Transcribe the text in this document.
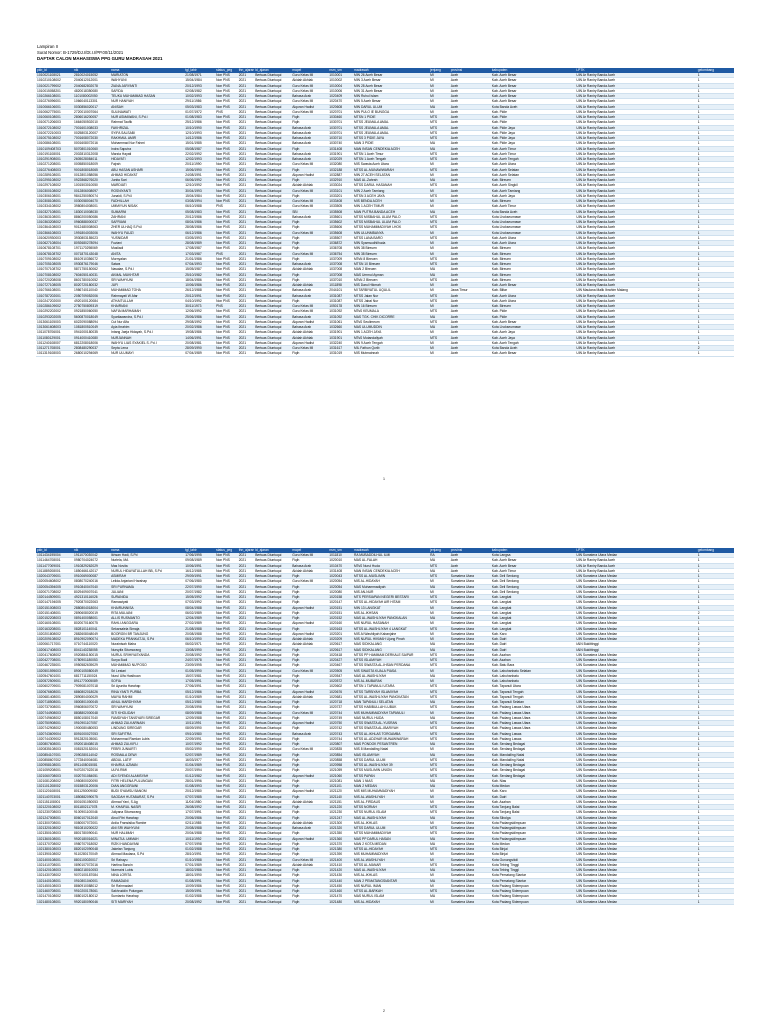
Lampiran II
Surat Nomor: B-1729/DJ.I/Dt.I.I/PP.00/11/2021
DAFTAR CALON MAHASISWA PPG GURU MADRASAH 2021
pkb_id	nik	nama	tgl_lahir	status_peg	thn_ajaran	id_ajaran	mapel	nsm_sm	madrasah	jenjang	provinsi	kabupaten	LPTK	gelombang
1010021108021	2810024015052	MARIATON	21/08/1971	Non PNS	2021	Bertuas Diuntuqui	Guru Kelas MI	1010001	MIN 26 Aceh Besar	MI	Aceh	Kab. Aceh Besar	UIN Ar Raniry Banda Aceh	1
1010210108002	2040612012001	WAHYUNI	15/04/1984	Non PNS	2021	Bertuas Diuntuqui	Akidah Akhlak	1010002	MIN 3 Aceh Besar	MI	Aceh	Kab. Aceh Besar	UIN Ar Raniry Banda Aceh	1
1010021799002	2040682802078	ZIANA JARYANTI	20/12/1993	Non PNS	2021	Bertuas Diuntuqui	Guru Kelas MI	1010004	MIN 28 Aceh Besar	MI	Aceh	Kab. Aceh Besar	UIN Ar Raniry Banda Aceh	1
1010015058201	4820018350080	SAFIDA	02/08/1982	Non PNS	2021	Bertuas Diuntuqui	Guru Kelas MI	1010006	MIN 31 Aceh Besar	MI	Aceh	Kab. Aceh Besar	UIN Ar Raniry Banda Aceh	1
1010266108001	1101080002050	TEUKU MUHAMMAD HASAN	10/02/1993	Non PNS	2021	Bertuas Diuntuqui	Bahasa Arab	1020409	MIN Ruhul Islam	MI	Aceh	Kab. Aceh Besar	UIN Ar Raniry Banda Aceh	1
1010276096001	1066040113301	NUR HANIYAH	29/11/1986	Non PNS	2021	Bertuas Diuntuqui	Guru Kelas MI	1020470	MIN 5 Aceh Besar	MI	Aceh	Kab. Aceh Besar	UIN Ar Raniry Banda Aceh	1
1010066106001	0030856020017	ANISAH	05/03/1983	Non PNS	2021	Bertuas Diuntuqui	Alquran Hadist	1020608	MIN DARUL ULUM	MA	Aceh	Kota Banda Aceh	UIN Ar Raniry Banda Aceh	1
1010062775001	2720010007064	SULINAWATI	01/07/1972	PNS	2021	Bertuas Diuntuqui	Guru Kelas MI	1020701	MIN PULO IE BUNGGA	MI	Aceh	Kab. Pidie	UIN Ar Raniry Banda Aceh	1
1010060108001	2806016200057	NUR ASMAWANI, S.Pd.I	01/08/1983	Non PNS	2021	Bertuas Diuntuqui	Fiqih	1030460	MTSN 1 PIDIE	MTS	Aceh	Kab. Pidie	UIN Ar Raniry Banda Aceh	1
1010071206003	1664050502010	Rahmat Taufik	25/12/1986	Non PNS	2021	Bertuas Diuntuqui	Fiqih	1030701	MTSS JEUMALA AMAL	MTS	Aceh	Kab. Pidie	UIN Ar Raniry Banda Aceh	1
1010072108002	7001601008033	FAKHRIZAL	10/10/1990	Non PNS	2021	Bertuas Diuntuqui	Bahasa Arab	1030701	MTSS JEUMALA AMAL	MTS	Aceh	Kab. Pidie Jaya	UIN Ar Raniry Banda Aceh	1
1010072210003	0025803120007	SYIFA SALSABI	12/10/1993	Non PNS	2021	Bertuas Diuntuqui	Bahasa Arab	1030701	MTSS JEUMALA AMAL	MTS	Aceh	Kab. Pidie Jaya	UIN Ar Raniry Banda Aceh	1
1010075108002	7001608072030	RAKHMUL AMIR	14/12/1986	Non PNS	2021	Bertuas Diuntuqui	Bahasa Arab	1030710	MTSS 3 PIDIE JAYA	MTS	Aceh	Kab. Pidie Jaya	UIN Ar Raniry Banda Aceh	1
1010086108001	0001608072016	Muhammad Nur Fahmi	15/01/1985	Non PNS	2021	Bertuas Diuntuqui	Bahasa Arab	1030740	MAN 3 PIDIE	MA	Aceh	Kab. Pidie Jaya	UIN Ar Raniry Banda Aceh	1
1010109408703	5070801010060	Indra Saputra	05/08/1987	Non PNS	2021	Bertuas Diuntuqui	Fiqih	1031408	MAN INSAN CENDEKIA ACEH	MA	Aceh	Kab. Aceh Timur	UIN Ar Raniry Banda Aceh	1
1010191108001	2002810312008	Marzia Hayati	22/02/1992	Non PNS	2021	Bertuas Diuntuqui	Bahasa Arab	1031901	MTSN 1 Aceh Timur	MTS	Aceh	Kab. Aceh Timur	UIN Ar Raniry Banda Aceh	1
1010291908001	2605028084011	HIDAYATI	12/02/1993	Non PNS	2021	Bertuas Diuntuqui	Bahasa Arab	1032029	MTSN 1 Aceh Tengah	MTS	Aceh	Kab. Aceh Tengah	UIN Ar Raniry Banda Aceh	1
1010271208001	0005850018009	Fajrah	20/11/1990	Non PNS	2021	Bertuas Diuntuqui	Guru Kelas MI	1032080	MIS Swasta Aceh Utara	MI	Aceh	Kab. Aceh Utara	UIN Ar Raniry Banda Aceh	1
1010276408003	9001808018065	ABU HASAN ASHARI	15/06/1990	Non PNS	2021	Bertuas Diuntuqui	Fiqih	1032188	MTSS AL-MUNAWWARAH	MTS	Aceh	Kab. Aceh Selatan	UIN Ar Raniry Banda Aceh	1
1010289108001	0012801058056	AHMAD HIDAYAT	24/08/1991	Non PNS	2021	Bertuas Diuntuqui	Alquran Hadist	1032887	MIN 27 ACEH SELATAN	MI	Aceh	Kab. Aceh Selatan	UIN Ar Raniry Banda Aceh	1
1010295108002	0922868276020	Junita Sari	06/06/1992	Non PNS	2021	Bertuas Diuntuqui	Fiqih	1032910	MAS AL-Zahrah	MA	Aceh	Kab. Bireuen	UIN Ar Raniry Banda Aceh	1
1010297108002	1001503010050	MARDIATI	12/10/1992	Non PNS	2021	Bertuas Diuntuqui	Akidah Akhlak	1033024	MTSS DARUL HASANAH	MTS	Aceh	Kab. Aceh Singkil	UIN Ar Raniry Banda Aceh	1
1010300108002	0012806008097	ROSNIYANTI	30/04/1993	Non PNS	2021	Bertuas Diuntuqui	Guru Kelas MI	1033101	MIN 2 Aceh Tamiang	MI	Aceh	Kab. Aceh Tamiang	UIN Ar Raniry Banda Aceh	1
1010306108001	9841250050074	Junaidi, S.Pd.I	15/04/1984	Non PNS	2021	Bertuas Diuntuqui	Fiqih	1033201	MTSN 3 ACEH JAYA	MTS	Aceh	Kab. Aceh Jaya	UIN Ar Raniry Banda Aceh	1
1010308108001	0030058004070	FADHILLAH	03/08/1994	Non PNS	2021	Bertuas Diuntuqui	Guru Kelas MI	1033408	MIS BENDA ACEH	MI	Aceh	Kab. Bireuen	UIN Ar Raniry Banda Aceh	1
1010334108002	3980804008001	UMMIYUN NISAK	06/10/1988	PNS	2021	Bertuas Diuntuqui	Guru Kelas MI	1033505	MIN 1 ACEH TIMUR	MI	Aceh	Kab. Aceh Timur	UIN Ar Raniry Banda Aceh	1
1010327108001	1830010008030	SUMARNI	05/08/1983	Non PNS	2021	Bertuas Diuntuqui	SBI	1035508	MAN PUTRA BANDA ACEH	MA	Aceh	Kota Banda Aceh	UIN Ar Raniry Banda Aceh	1
1010363108001	8860200050086	ZAHRANI	20/12/1986	Non PNS	2021	Bertuas Diuntuqui	Bahasa Arab	1035601	MTSS MISBAHUL ULUM PALO	MTS	Aceh	Kota Lhokseumawe	UIN Ar Raniry Banda Aceh	1
1010363208002	0960888000037	SAFRIANI	08/04/1986	Non PNS	2021	Bertuas Diuntuqui	Fiqih	1035602	MTSS MISBAHUL ULUM PALO	MTS	Aceh	Kota Lhokseumawe	UIN Ar Raniry Banda Aceh	1
1010364108003	9012480008063	ZHER ULHAQ S.Pd.I	28/08/1986	Non PNS	2021	Bertuas Diuntuqui	Fiqih	1035606	MTSS MUHAMMADIYAH LHOK	MTS	Aceh	Kota Lhokseumawe	UIN Ar Raniry Banda Aceh	1
1010366108003	1991804003006	WAHYU FAUZI	06/12/1986	Non PNS	2021	Bertuas Diuntuqui	Guru Kelas MI	1035608	MIN ULUNMBANYA	MI	Aceh	Kota Lhokseumawe	UIN Ar Raniry Banda Aceh	1
1010620930003	3930803155023	YUSNIDAR	03/05/1993	Non PNS	2021	Bertuas Diuntuqui	Fiqih	1035507	MTSS LANA BARO	MTS	Aceh	Kab. Aceh Utara	UIN Ar Raniry Banda Aceh	1
1010627108004	8092680278094	Fuziani	28/08/1989	Non PNS	2021	Bertuas Diuntuqui	Fiqih	1036872	MIN Syamsudhilhuda	MI	Aceh	Kab. Aceh Utara	UIN Ar Raniry Banda Aceh	1
1010678108701	1971170298069	Musliadi	17/08/1987	Non PNS	2021	Bertuas Diuntuqui	Fiqih	1036708	MIN 38 Bireuen	MI	Aceh	Kab. Bireuen	UIN Ar Raniry Banda Aceh	1
1010678108702	0071870143048	ANITA	17/03/1987	PNS	2021	Bertuas Diuntuqui	Guru Kelas MI	1036754	MIN 38 Bireuen	MI	Aceh	Kab. Bireuen	UIN Ar Raniry Banda Aceh	1
1010709108002	8610910356072	Murnyalan	21/01/1986	Non PNS	2021	Bertuas Diuntuqui	Fiqih	1037009	MTsN 8 Bireuen	MTS	Aceh	Kab. Bireuen	UIN Ar Raniry Banda Aceh	1
1010705108005	0930876179046	Satwa	07/04/1993	Non PNS	2021	Bertuas Diuntuqui	Bahasa Arab	1037008	MTSN 10 Bireuen	MTS	Aceh	Kab. Bireuen	UIN Ar Raniry Banda Aceh	1
1010707108702	5871750150062	Nasaiae, S.Pd.I	15/05/1987	Non PNS	2021	Bertuas Diuntuqui	Akidah Akhlak	1037008	MAN 2 Bireuen	MA	Aceh	Kab. Bireuen	UIN Ar Raniry Banda Aceh	1
1010708108002	7604050140031	AKMAL MUKHTAR	25/10/1982	Non PNS	2021	Bertuas Diuntuqui	Fiqih	1037008	MAS Ummul Ayman	MA	Aceh	Kab. Bireuen	UIN Ar Raniry Banda Aceh	1
1010720208008	8601780010052	SRI WAHYUNI	18/04/1986	Non PNS	2021	Bertuas Diuntuqui	Fiqih	1037010	MTsN 2 Bireuen	MTS	Aceh	Kab. Bireuen	UIN Ar Raniry Banda Aceh	1
1010727108005	8020720180032	JUFI	10/06/1986	Non PNS	2021	Bertuas Diuntuqui	Akidah Akhlak	1011898	MIS Darul Hikmah	MI	Aceh	Kab. Aceh Besar	UIN Ar Raniry Banda Aceh	1
1010766108001	1986740110040	MUHAMMAD TOHA	26/12/1988	Non PNS	2021	Bertuas Diuntuqui	Bahasa Arab	2044101	MI TARBIYATUL UQULIL	MI	Jawa Timur	Kab. Blitar	UIN Maulana Malik Ibrahim Malang	2
1010787202001	2050709052006	Rahmayati W Afar	20/12/1991	Non PNS	2021	Bertuas Diuntuqui	Bahasa Arab	1031087	MTSS Jalan Nur	MTS	Aceh	Kab. Aceh Utara	UIN Ar Raniry Banda Aceh	1
1010247202000	4920100120084	ATHAITULLAH	04/10/1992	Non PNS	2021	Bertuas Diuntuqui	Fiqih	1031087	MTSS Jabal Nur	MTS	Aceh	Kab. Aceh Utara	UIN Ar Raniry Banda Aceh	1
1010286109002	2750750809319	KHAIRIANI	30/11/1973	PNS	2021	Bertuas Diuntuqui	Guru Kelas MI	1050178	MIN 16 Bireuen	MI	Aceh	Kab. Bireuen	UIN Ar Raniry Banda Aceh	1
1010292202002	0921850060050	NAFIA MARHAMAH	12/06/1992	Non PNS	2021	Bertuas Diuntuqui	Guru Kelas MI	1031092	MTsS KEUMALA	MTS	Aceh	Kab. Pidie	UIN Ar Raniry Banda Aceh	1
1010293202005	5600870018049	Syarilawandra, S.Pd.I	25/06/1986	Non PNS	2021	Bertuas Diuntuqui	Bahasa Arab	1031092	MAS TGK. CHIK DICORRE	MA	Aceh	Kab. Pidie	UIN Ar Raniry Banda Aceh	1
1013061105003	6022090088094	Cut Nur Alfa	29/08/1992	Non PNS	2021	Bertuas Diuntuqui	Alquran Hadist	1031061	MTsS Seulimeum	MTS	Aceh	Kab. Aceh Besar	UIN Ar Raniry Banda Aceh	1
1013061608003	1081800510049	Ayia Ibrahim	20/02/1986	Non PNS	2021	Bertuas Diuntuqui	Bahasa Arab	1032660	MAS ULUMUDDIN	MA	Aceh	Kota Lhokseumawe	UIN Ar Raniry Banda Aceh	1
1011078706001	0941000180035	Intang Jaeja Hidayah, S.Pd.I	19/08/1986	Non PNS	2021	Bertuas Diuntuqui	Akidah Akhlak	1031901	MIN 1 ACEH JAYA	MI	Aceh	Kab. Aceh Jaya	UIN Ar Raniry Banda Aceh	1
1011080129001	0914000410080	NURJANNAH	14/06/1991	Non PNS	2021	Bertuas Diuntuqui	Akidah Akhlak	1031901	MTsS Mutandaliyah	MTS	Aceh	Kab. Aceh Jaya	UIN Ar Raniry Banda Aceh	1
1011240108007	6812208018006	WAHYU LIAS SYAKIEL S. Pd. I	20/08/1981	Non PNS	2021	Bertuas Diuntuqui	Alquran Hadist	1032240	MIN 9 Aceh Tengah	MI	Aceh	Kab. Aceh Tengah	UIN Ar Raniry Banda Aceh	1
1011271708001	2808480290037	Septa Lena	28/09/1990	Non PNS	2021	Bertuas Diuntuqui	Guru Kelas MI	1031617	MIL Fathun Qorib	MI	Aceh	Kota Banda Aceh	UIN Ar Raniry Banda Aceh	2
1011319108003	2680010294069	NUR ULUMAYI	07/04/1989	Non PNS	2021	Bertuas Diuntuqui	Fiqih	1031019	MIS Mutmainnah	MI	Aceh	Kab. Aceh Besar	UIN Ar Raniry Banda Aceh	1
1
pkb_id	nik	nama	tgl_lahir	status_peg	thn_ajaran	id_ajaran	mapel	nsm_sm	madrasah	jenjang	provinsi	kabupaten	LPTK	gelombang
1011434195004	1911070030042	Ikhsan Hadi, S.Pd	17/06/1995	Non PNS	2021	Bertuas Diuntuqui	Guru Kelas MI	1011810	RA MUBADDILHUL ILMI	RA	Aceh	Kota Langsa	UIN Sumatera Utara Medan	1
1011464708001	0980704024072	Nurlela, MA	09/08/1989	Non PNS	2021	Bertuas Diuntuqui	Fiqih	1020010	MAS AL-FALAH	MA	Aceh	Kab. Aceh Besar	UIN Ar Raniry Banda Aceh	1
1011477009001	1910829262029	Mas Novita	10/06/1991	Non PNS	2021	Bertuas Diuntuqui	Bahasa Arab	1010470	MTsS Nurul Huda	MTS	Aceh	Kab. Aceh Besar	UIN Ar Raniry Banda Aceh	1
1011889208001	1850466142017	NURUL HIDAYATULLAH BB, S.Pd	16/12/1985	Non PNS	2021	Bertuas Diuntuqui	Akidah Akhlak	1031408	MAN INSAN CENDEKIA ACEH	MA	Aceh	Kab. Aceh Timur	UIN Ar Raniry Banda Aceh	1
1020043709001	0910069000087	ASMIRAH	29/09/1991	Non PNS	2021	Bertuas Diuntuqui	Fiqih	1020043	MTSS AL-MUSLIMIN	MTS	Sumatera Utara	Kab. Deli Serdang	UIN Sumatera Utara Medan	1
1020054608002	0808070240016	Lelida Anjariani Harahap	07/06/1980	Non PNS	2021	Bertuas Diuntuqui	Guru Kelas MI	1020054	MIS AL-HIDAYAH	MI	Sumatera Utara	Kab. Deli Serdang	UIN Sumatera Utara Medan	1
1020054394005	0910840047040	SRI PURNAMA	22/07/1990	Non PNS	2021	Bertuas Diuntuqui	Fiqih	1020054	MAS Muhammadiyah	MA	Sumatera Utara	Kab. Deli Serdang	UIN Sumatera Utara Medan	1
1020071708002	8029409007041	JULIANI	20/07/1982	Non PNS	2021	Bertuas Diuntuqui	Fiqih	1020080	MIS AN-NUR	MI	Sumatera Utara	Kab. Deli Serdang	UIN Sumatera Utara Medan	1
1020144509001	4921310116026	SURANIDA	15/05/1992	Non PNS	2021	Bertuas Diuntuqui	Fiqih	1020158	MTS PERSIAPAN NEGERI BESTARI	MTS	Sumatera Utara	Kab. Langkat	UIN Sumatera Utara Medan	1
1020147194005	7920870022063	Ramawiyati	07/03/1992	Non PNS	2021	Bertuas Diuntuqui	Fiqih	1020147	MTSS AL-HIDAYAH AIR HITAM	MTS	Sumatera Utara	Kab. Langkat	UIN Sumatera Utara Medan	1
1020151008003	2880804018004	KHAIRUNNISA	08/04/1988	Non PNS	2021	Bertuas Diuntuqui	Alquran Hadist	1020151	MIN 13 LANGKAT	MI	Sumatera Utara	Kab. Langkat	UIN Sumatera Utara Medan	1
1020151408001	2890608020019	RITA MULIANI	06/02/1989	Non PNS	2021	Bertuas Diuntuqui	Fiqih	1020151	MIS AL-IKHSAN	MI	Sumatera Utara	Kab. Langkat	UIN Sumatera Utara Medan	2
1020152208003	0891400058001	ALLIS RUSMANTO	12/04/1989	Non PNS	2021	Bertuas Diuntuqui	Fiqih	1020152	MAS AL-WASHLIYAH PANGKALAN	MA	Sumatera Utara	Kab. Langkat	UIN Sumatera Utara Medan	1
1020160108001	8020070160075	RAHLI ANGGARA	27/02/1989	Non PNS	2021	Bertuas Diuntuqui	Alquran Hadist	1020160	MIS NURUL HASANAH	MI	Sumatera Utara	Kab. Langkat	UIN Sumatera Utara Medan	1
1020163208001	0828101140041	Sekarsalela Simaja	21/08/1988	Non PNS	2021	Bertuas Diuntuqui	Fiqih	1020163	MTSS AL-WASHLIYAH 4 LANGKAT	MTS	Sumatera Utara	Kab. Langkat	UIN Sumatera Utara Medan	1
1020201808002	2882608048049	BOORGIN BR TANJUNG	20/08/1988	Non PNS	2021	Bertuas Diuntuqui	Alquran Hadist	1020201	MIS Al Washliyah Kabanjahe	MI	Sumatera Utara	Kab. Karo	UIN Sumatera Utara Medan	1
1020209108002	8910902090074	MADEKA PRANKATJU, S.Pd	06/10/1990	Non PNS	2021	Bertuas Diuntuqui	Akidah Akhlak	1020209	MIS NURUL HIKMAH Ujung Pinah	MI	Sumatera Utara	Kab. Dairi	UIN Sumatera Utara Medan	1
1020061717001	0710744110020	Nurainisah Maha	06/02/1971	Non PNS	2021	Bertuas Diuntuqui	Akidah Akhlak	1020617	MAS SIDIKALANG	MA	Sumatera Utara	Kab. Dairi	IAIN Bukittinggi	2
1020617408003	8041140238055	Nursyifa Situmorang	13/08/1990	Non PNS	2021	Bertuas Diuntuqui	Fiqih	1020617	MAS SIDIKALANG	MA	Sumatera Utara	Kab. Dairi	IAIN Bukittinggi	2
1020417608002	0920884150015	NURUL SRIHIYASYANDA	20/08/1992	Non PNS	2021	Bertuas Diuntuqui	Fiqih	1020418	MTSS PP HAMMAM DERKALE SAIPAR	MTS	Sumatera Utara	Kab. Asahan	UIN Sumatera Utara Medan	1
1020427708001	0780901180053	Surya Budi	24/07/1978	Non PNS	2021	Bertuas Diuntuqui	Fiqih	1020427	MTSS ISLAMIYAH	MTS	Sumatera Utara	Kab. Asahan	UIN Sumatera Utara Medan	1
1020467235001	0950582639029	MUHAMMAD NU'POSO	23/09/1995	Non PNS	2021	Bertuas Diuntuqui	Fiqih	1020467	MTSS SWASTA AL-IHSAN PERDANA	MTS	Sumatera Utara	Kab. Batu Bara	UIN Sumatera Utara Medan	1
1020501595003	8900105080049	Sri Lestari	01/05/1990	Non PNS	2021	Bertuas Diuntuqui	Guru Kelas MI	1020505	MIS SWASTA KUALA PIASA	MI	Sumatera Utara	Kab. Labuhanbatu Selatan	UIN Sumatera Utara Medan	1
1020547601001	6817711150024	Nurul Ulfa Hasibuan	15/07/1981	Non PNS	2021	Bertuas Diuntuqui	Fiqih	1020547	MAS AL-WASHLIYAH	MA	Sumatera Utara	Kab. Labuhanbatu	UIN Sumatera Utara Medan	1
1020572509001	8911770005089	SOFIA	17/05/1991	Non PNS	2021	Bertuas Diuntuqui	Fiqih	1020572	MIS AL-MUBARAK	MI	Sumatera Utara	Kab. Labuhanbatu	UIN Sumatera Utara Medan	1
1020602709001	7909081007018	Sri Ayunita Harahap	27/06/1991	Non PNS	2021	Bertuas Diuntuqui	Fiqih	1020602	MTSN 1 TAPANULI UTARA	MTS	Sumatera Utara	Kab. Tapanuli Utara	UIN Sumatera Utara Medan	1
1020676608001	6860802018026	RINA YANTI PURBA	05/12/1986	Non PNS	2021	Bertuas Diuntuqui	Alquran Hadist	1020676	MTSS TARBIYAH ISLAMIYAH	MTS	Sumatera Utara	Kab. Tapanuli Tengah	UIN Sumatera Utara Medan	1
1020681408001	2890804000029	MAIYA RAHMI	01/10/1989	Non PNS	2021	Bertuas Diuntuqui	Akidah Akhlak	1020681	MTSS AL-WASHLIYAH PANGKATAN	MTS	Sumatera Utara	Kab. Tapanuli Tengah	UIN Sumatera Utara Medan	1
1020718508001	0800801000045	AINUL MARDHIYAH	05/12/1980	Non PNS	2021	Bertuas Diuntuqui	Fiqih	1020718	MAN TAPANULI SELATAN	MA	Sumatera Utara	Kab. Tapanuli Selatan	UIN Sumatera Utara Medan	1
1020737008001	0960806070072	SRI WAHYUNI	20/08/1996	Non PNS	2021	Bertuas Diuntuqui	Fiqih	1020737	MTSS HABIBULLAH LUBUK	MTS	Sumatera Utara	Kab. Padang Lawas Utara	UIN Sumatera Utara Medan	1
1020744908003	8808802000048	SITI KHOLIDAH	08/09/1988	Non PNS	2021	Bertuas Diuntuqui	Guru Kelas MI	1020744	MIS MUHAMMADIYAH TAPANULI	MI	Sumatera Utara	Kab. Padang Lawas Utara	UIN Sumatera Utara Medan	1
1020749608002	8850108017040	FAMDIYAH TANSYARI SIREGAR	12/09/1988	Non PNS	2021	Bertuas Diuntuqui	Fiqih	1020749	MAS NURUL HUDA	MA	Sumatera Utara	Kab. Padang Lawas Utara	UIN Sumatera Utara Medan	1
1020750908001	0910901107057	AHMAD ZULKARNAIN	10/11/1991	Non PNS	2021	Bertuas Diuntuqui	Alquran Hadist	1020750	MTSS SWASTA AL-YUSRAN	MTS	Sumatera Utara	Kab. Padang Lawas Utara	UIN Sumatera Utara Medan	1
1020742908002	1900080480053	LINDUNG SIREGAR	08/09/1990	Non PNS	2021	Bertuas Diuntuqui	Fiqih	1020742	MTSS SWASTA AL-IBARIYAH	MTS	Sumatera Utara	Kab. Padang Lawas Utara	UIN Sumatera Utara Medan	1
1020743609004	8091000027053	SRI SAFITRA	09/10/1980	Non PNS	2021	Bertuas Diuntuqui	Bahasa Arab	1020743	MTSS AL-IKHLAS TORGAMBA	MTS	Sumatera Utara	Kab. Padang Lawas	UIN Sumatera Utara Medan	1
1020744309002	5912820105061	Muhammad Ramlan Lubis	22/09/1991	Non PNS	2021	Bertuas Diuntuqui	Fiqih	1020744	MTSS AL-ADZHAR MUNAWWARAH	MTS	Sumatera Utara	Kab. Padang Lawas	UIN Sumatera Utara Medan	1
1020807608001	0920018408015	AHMAD ZULKIFLI	10/07/1992	Non PNS	2021	Bertuas Diuntuqui	Fiqih	1020807	MAS PONDOK PESANTREN	MA	Sumatera Utara	Kab. Serdang Bedagai	UIN Sumatera Utara Medan	1
1020835108003	0081520152004	FEBRI JUNIARTI	05/02/1990	Non PNS	2021	Bertuas Diuntuqui	Guru Kelas MI	1020835	MIS 8 Mandailing Natal	MI	Sumatera Utara	Kab. Serdang Bedagai	UIN Sumatera Utara Medan	1
1020854107001	2090280114042	ROSMALA DEWI	02/07/1989	Non PNS	2021	Bertuas Diuntuqui	Fiqih	1020854	MAS ISLAMIYAH	MA	Sumatera Utara	Kab. Mandailing Natal	UIN Sumatera Utara Medan	1
1020858607002	1772840004081	ABDUL LATIF	16/03/1977	Non PNS	2021	Bertuas Diuntuqui	Fiqih	1020858	MTSS DARUL ULUM	MTS	Sumatera Utara	Kab. Mandailing Natal	UIN Sumatera Utara Medan	1
1020958108001	8911408015081	KHAIRUL AZMAN	01/04/1989	Non PNS	2021	Bertuas Diuntuqui	Fiqih	1020958	MTSS AL-WASHLIYAH 39	MTS	Sumatera Utara	Kab. Serdang Bedagai	UIN Sumatera Utara Medan	1
1021059208001	9470207022016	ULFA RIMI	20/07/1994	Non PNS	2021	Bertuas Diuntuqui	Fiqih	1021059	MTSS MUSLIMIN UNION	MTS	Sumatera Utara	Kab. Serdang Bedagai	UIN Sumatera Utara Medan	1
1021060708003	0020701084051	ADI SYENDI ALAMSYAH	01/12/1982	Non PNS	2021	Bertuas Diuntuqui	Alquran Hadist	1021060	MTSS PAPAN	MTS	Sumatera Utara	Kab. Serdang Bedagai	UIN Sumatera Utara Medan	1
1021081208002	1950800020090	FITRI HELENA PULUNGAN	28/01/1996	Non PNS	2021	Bertuas Diuntuqui	Fiqih	1021081	MAN 1 NIAS	MA	Sumatera Utara	Kab. Nias	UIN Sumatera Utara Medan	1
1021101208002	0015803120006	DIAN ANGGRAINI	01/08/1993	Non PNS	2021	Bertuas Diuntuqui	Fiqih	1021101	MAN 2 MEDAN	MA	Sumatera Utara	Kota Medan	UIN Sumatera Utara Medan	1
1021120108001	8011250009082	BUDI SYAMSU BANOM	20/12/1980	Non PNS	2021	Bertuas Diuntuqui	Alquran Hadist	1021120	MIS MIS MUHAMMADIYAH	MI	Sumatera Utara	Kab. Karo	UIN Sumatera Utara Medan	1
1021140703001	1850882090075	SAODAH HUTABARAT, S.Pd	07/07/1985	Non PNS	2021	Bertuas Diuntuqui	Fiqih	1021140	MIS AL-WASHLIYAH	MI	Sumatera Utara	Kab. Dairi	UIN Sumatera Utara Medan	1
1021151108001	8001051050053	Ahmad Yani, S.Ag	11/04/1980	Non PNS	2021	Bertuas Diuntuqui	Akidah Akhlak	1021151	MIS AL-FIRDAUS	MI	Sumatera Utara	Kab. Asahan	UIN Sumatera Utara Medan	1
1021220108002	8011802117078	M. KHAIRUL NASIR	26/08/1992	Non PNS	2021	Bertuas Diuntuqui	Fiqih	1021220	MTSS NORIAH	MTS	Sumatera Utara	Kota Tanjung Balai	UIN Sumatera Utara Medan	1
1021230708003	9100901100046	Juliyana Situmorang	17/07/1991	Non PNS	2021	Bertuas Diuntuqui	Fiqih	1021230	MTSS NURUL ISLAM	MTS	Sumatera Utara	Kota Tanjung Balai	UIN Sumatera Utara Medan	1
1021247008001	8060107012040	Ainul Fitri Harahap	20/06/1986	Non PNS	2021	Bertuas Diuntuqui	Fiqih	1021247	MAS AL-WASHLIYAH	MA	Sumatera Utara	Kota Sibolga	UIN Sumatera Utara Medan	1
1021300708001	0080007072001	Ardia Fransisika Rambe	02/11/1985	Non PNS	2021	Bertuas Diuntuqui	Akidah Akhlak	1021300	MIS AL-IKHLAS	MI	Sumatera Utara	Kota Padangsidimpuan	UIN Sumatera Utara Medan	1
1021320108002	9810810200022	ANI SRI WAHYUNI	20/08/1988	Non PNS	2021	Bertuas Diuntuqui	Bahasa Arab	1021320	MTSS DARUL ULUM	MTS	Sumatera Utara	Kota Padangsidimpuan	UIN Sumatera Utara Medan	1
1021350108003	8801780090041	NUR HALIMAH	20/04/1988	Non PNS	2021	Bertuas Diuntuqui	Fiqih	1021350	MTSS MUHAMMADIYAH	MTS	Sumatera Utara	Kota Padangsidimpuan	UIN Sumatera Utara Medan	1
1021360108001	9920180016021	MINATUL UMMAH	10/11/1992	Non PNS	2021	Bertuas Diuntuqui	Alquran Hadist	1021360	MAS PP DARUL HASAN	MA	Sumatera Utara	Kota Padangsidimpuan	UIN Sumatera Utara Medan	1
1021370708002	0980707018052	RIZKI HANDAYANI	07/07/1998	Non PNS	2021	Bertuas Diuntuqui	Fiqih	1021370	MAN 2 KOTA MEDAN	MA	Sumatera Utara	Kota Medan	UIN Sumatera Utara Medan	1
1021380108003	8820102090048	Jakelan Tanjung	01/02/1988	Non PNS	2021	Bertuas Diuntuqui	Fiqih	1021380	MTSS AL-HIDAYAH	MTS	Sumatera Utara	Kota Binjai	UIN Sumatera Utara Medan	1
1021390108002	9110280170049	Ahmad Maulana, S.Pd	28/10/1991	Non PNS	2021	Bertuas Diuntuqui	Fiqih	1021390	MIS MUHAMMADIYAH	MI	Sumatera Utara	Kota Binjai	UIN Sumatera Utara Medan	1
1021400108001	8801100020017	Sri Rahayu	01/10/1988	Non PNS	2021	Bertuas Diuntuqui	Guru Kelas MI	1021400	MIS AL-WASHLIYAH	MI	Sumatera Utara	Kota Gunungsitoli	UIN Sumatera Utara Medan	1
1021410708001	0890107072016	Hartina Bancin	07/01/1989	Non PNS	2021	Bertuas Diuntuqui	Akidah Akhlak	1021410	MTSS AL-MANAR	MTS	Sumatera Utara	Kota Tebing Tinggi	UIN Sumatera Utara Medan	1
1021420108003	8860218010053	Nurmaini Lubis	18/02/1986	Non PNS	2021	Bertuas Diuntuqui	Fiqih	1021420	MAS AL-WASHLIYAH	MA	Sumatera Utara	Kota Tebing Tinggi	UIN Sumatera Utara Medan	1
1021430708002	9070100187084	NINA LORITA	18/01/1990	Non PNS	2021	Bertuas Diuntuqui	Fiqih	1021430	MIS AL-IKHLAS	MI	Sumatera Utara	Kota Pematang Siantar	UIN Sumatera Utara Medan	1
1021440108001	0910801040001	RAMADANI	01/08/1991	Non PNS	2021	Bertuas Diuntuqui	Fiqih	1021440	MAN 2 PEMATANGSIANTAR	MA	Sumatera Utara	Kota Pematang Siantar	UIN Sumatera Utara Medan	1
1021450108003	8860910088012	Sri Rahmadani	10/09/1986	Non PNS	2021	Bertuas Diuntuqui	Fiqih	1021450	MIS NURUL IMAN	MI	Sumatera Utara	Kota Padang Sidempuan	UIN Sumatera Utara Medan	1
1021460708001	9910200178061	Sakhruddin Pulungan	15/09/1991	Non PNS	2021	Bertuas Diuntuqui	Fiqih	1021460	MTSS AL-BARKAH	MTS	Sumatera Utara	Kota Padang Sidempuan	UIN Sumatera Utara Medan	1
1021470108002	0880102180012	Sumianto Harahap	01/02/1988	Non PNS	2021	Bertuas Diuntuqui	Fiqih	1021470	MAS NURUL ISLAM	MA	Sumatera Utara	Kota Padang Sidempuan	UIN Sumatera Utara Medan	1
1021480108001	9920180090046	SITI MARIYAH	20/08/1992	Non PNS	2021	Bertuas Diuntuqui	Fiqih	1021480	MIS AL-HIDAYAH	MI	Sumatera Utara	Kota Padang Sidempuan	UIN Sumatera Utara Medan	1
2
